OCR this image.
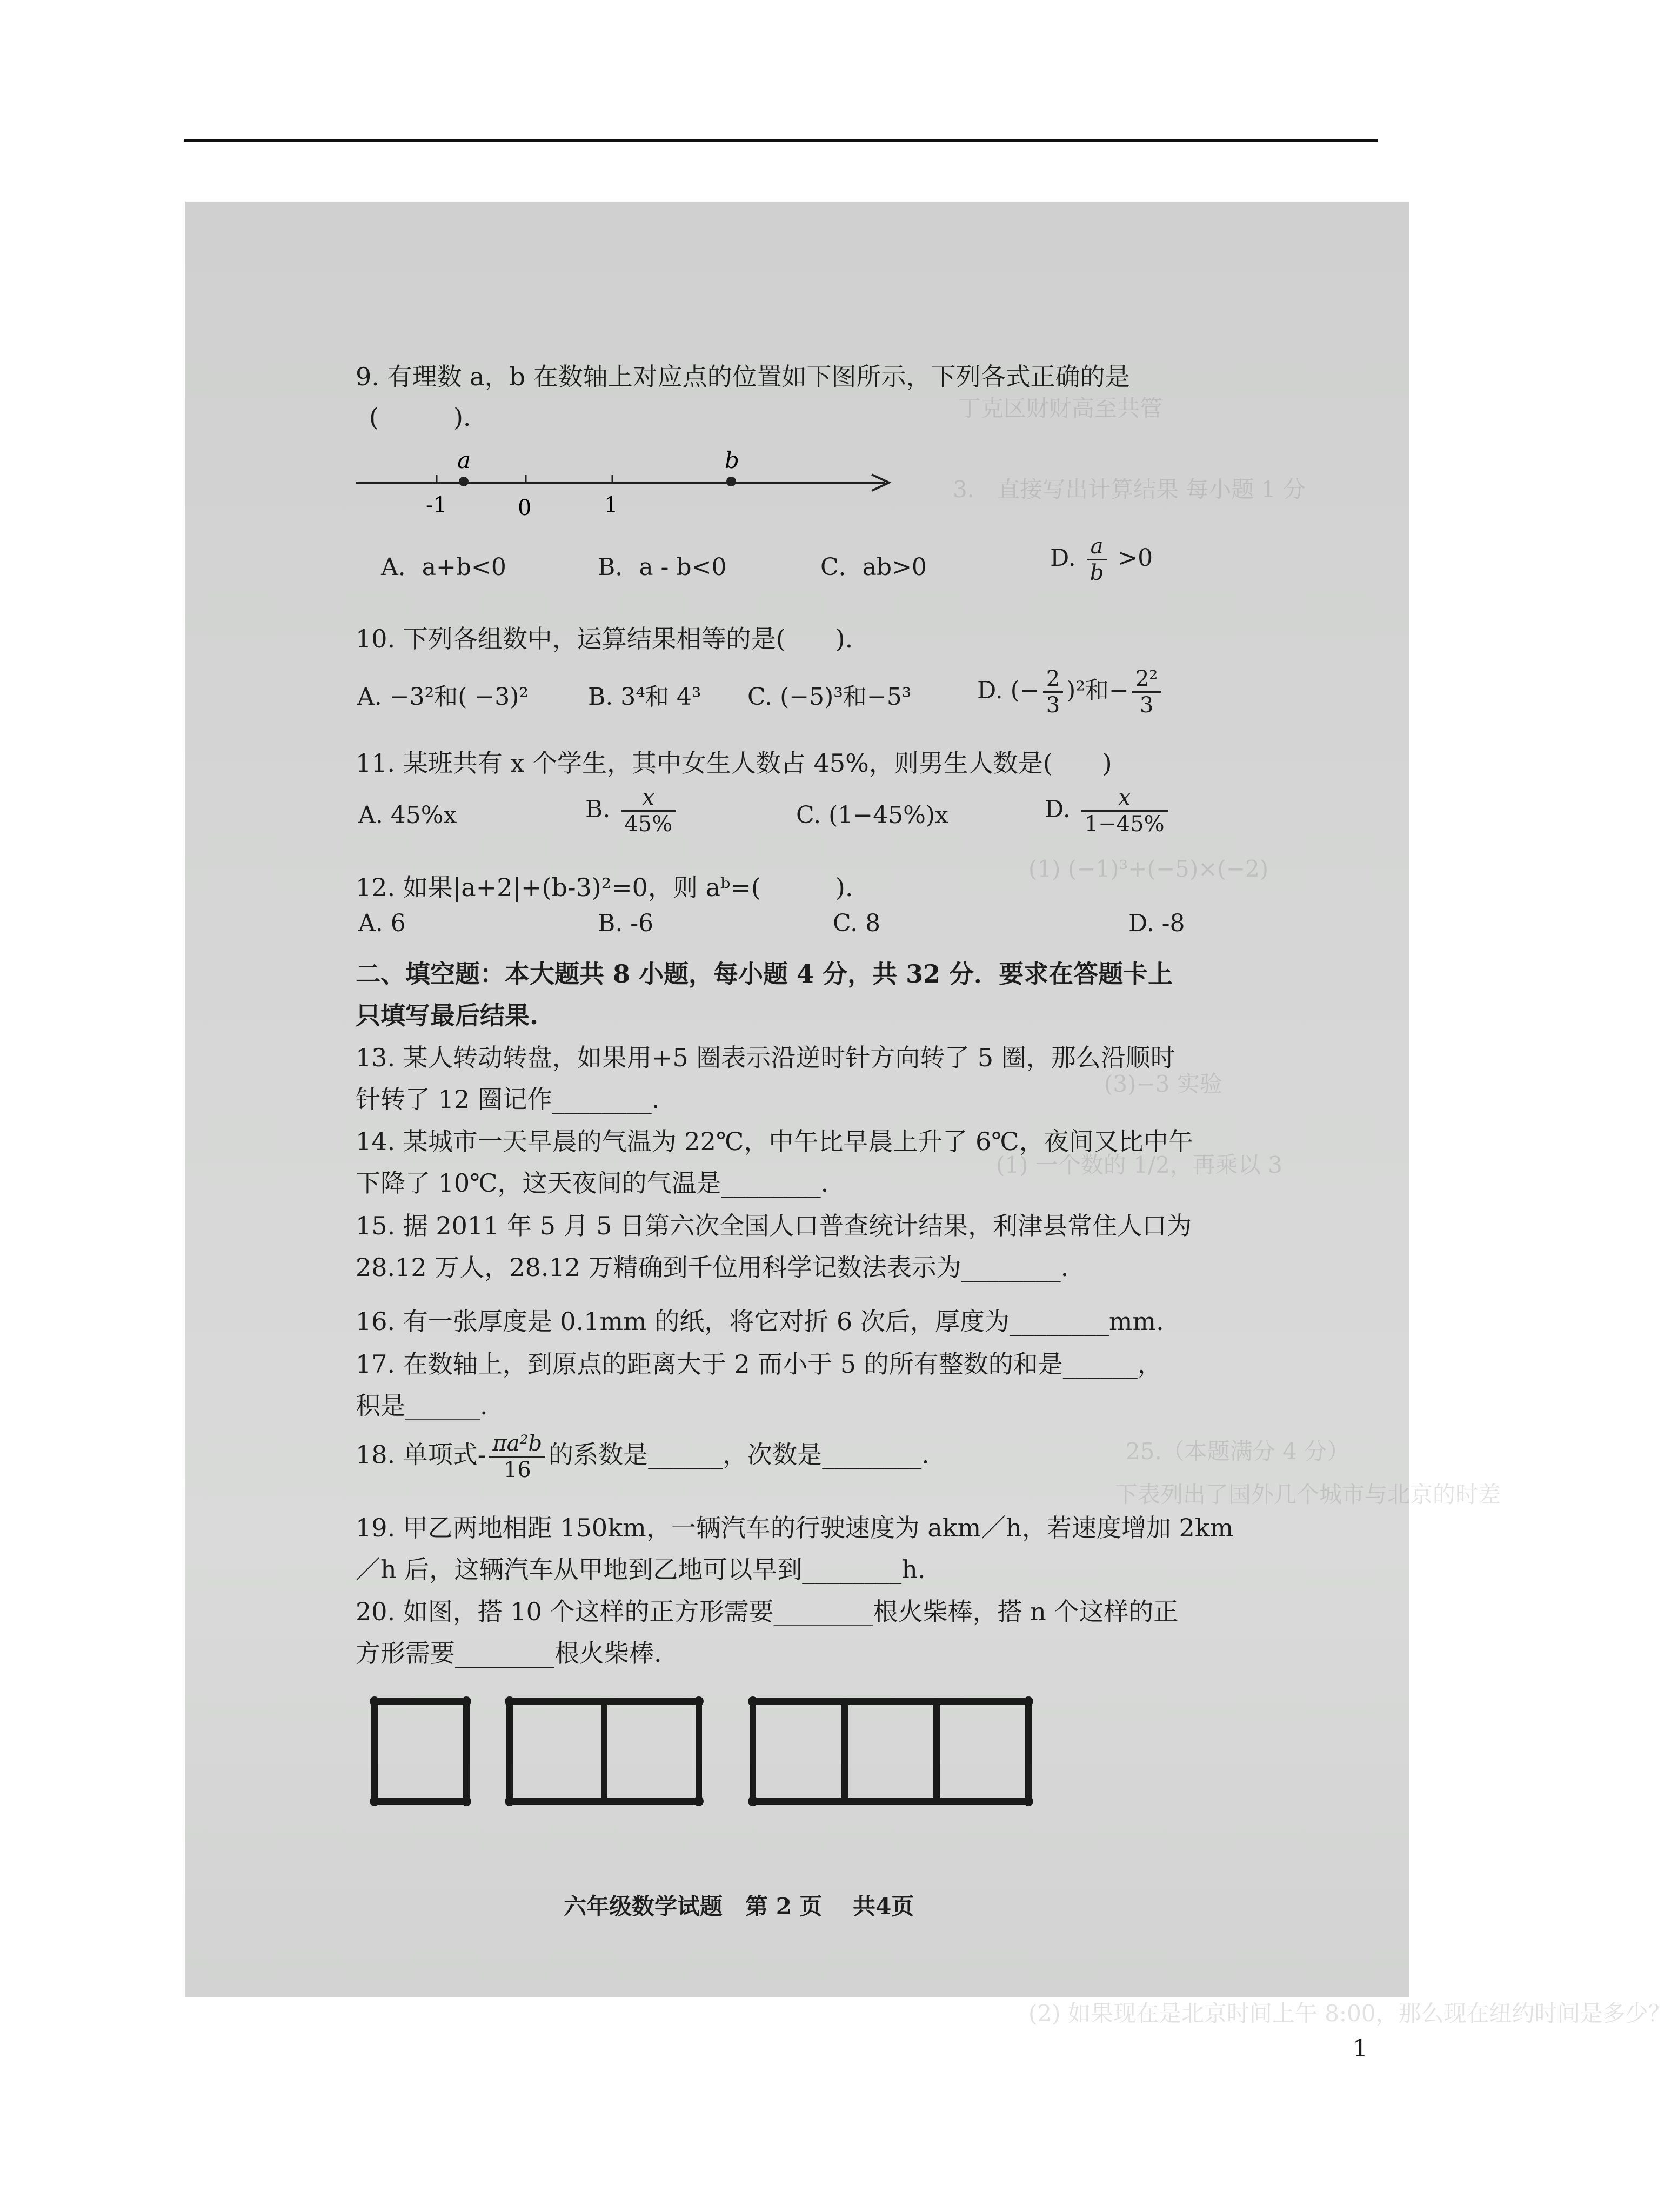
丁克区财财高至共管
3． 直接写出计算结果 每小题 1 分
(1) (−1)³+(−5)×(−2)
(3)−3 实验
(1) 一个数的 1/2，再乘以 3
25.（本题满分 4 分）
下表列出了国外几个城市与北京的时差
(2) 如果现在是北京时间上午 8:00，那么现在纽约时间是多少？
9. 有理数 a，b 在数轴上对应点的位置如下图所示，下列各式正确的是
(　　　).
a	b
-1	0	1
A．a+b<0	B．a - b<0	C．ab>0	D. $\frac{a}{b} >0$
10. 下列各组数中，运算结果相等的是(　　).
A. −3²和( −3)² B. 3⁴和 4³ C. (−5)³和−5³	D. (− $\frac{2}{3} )^2$和− $\frac{\text{2²}}{3}$
11. 某班共有 x 个学生，其中女生人数占 45%，则男生人数是(　　)
A. 45%x	B. $\frac{x}{45\%}$	C. (1−45%)x	D. $\frac{x}{1-45\%}$
12. 如果|a+2|+(b-3)²=0，则 aᵇ=(　　　).
A. 6	B. -6	C. 8	D. -8
二、填空题：本大题共 8 小题，每小题 4 分，共 32 分．要求在答题卡上
只填写最后结果.
13. 某人转动转盘，如果用+5 圈表示沿逆时针方向转了 5 圈，那么沿顺时
针转了 12 圈记作________.
14. 某城市一天早晨的气温为 22℃，中午比早晨上升了 6℃，夜间又比中午
下降了 10℃，这天夜间的气温是________.
15. 据 2011 年 5 月 5 日第六次全国人口普查统计结果，利津县常住人口为
28.12 万人，28.12 万精确到千位用科学记数法表示为________.
16. 有一张厚度是 0.1mm 的纸，将它对折 6 次后，厚度为________mm.
17. 在数轴上，到原点的距离大于 2 而小于 5 的所有整数的和是______，
积是______.
18. 单项式- $\frac{\text{πa²b}}{16}$ 的系数是______，次数是________.
19. 甲乙两地相距 150km，一辆汽车的行驶速度为 akm／h，若速度增加 2km
／h 后，这辆汽车从甲地到乙地可以早到________h.
20. 如图，搭 10 个这样的正方形需要________根火柴棒，搭 n 个这样的正
方形需要________根火柴棒.
六年级数学试题　第 2 页　 共4页
1
